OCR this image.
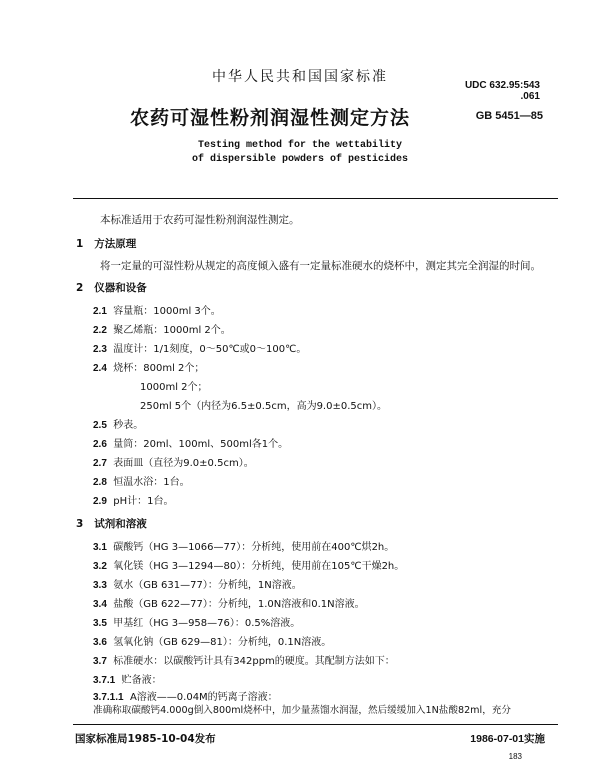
中华人民共和国国家标准
UDC 632.95:543
.061
农药可湿性粉剂润湿性测定方法	GB 5451—85
Testing method for the wettability
of dispersible powders of pesticides
本标准适用于农药可湿性粉剂润湿性测定。
1 方法原理
将一定量的可湿性粉从规定的高度倾入盛有一定量标准硬水的烧杯中，测定其完全润湿的时间。
2 仪器和设备
2.1 容量瓶：1000ml 3个。
2.2 聚乙烯瓶：1000ml 2个。
2.3 温度计：1/1刻度，0～50℃或0～100℃。
2.4 烧杯：800ml 2个；
1000ml 2个；
250ml 5个（内径为6.5±0.5cm，高为9.0±0.5cm）。
2.5 秒表。
2.6 量筒：20ml、100ml、500ml各1个。
2.7 表面皿（直径为9.0±0.5cm）。
2.8 恒温水浴：1台。
2.9 pH计：1台。
3 试剂和溶液
3.1 碳酸钙（HG 3—1066—77）：分析纯，使用前在400℃烘2h。
3.2 氧化镁（HG 3—1294—80）：分析纯，使用前在105℃干燥2h。
3.3 氨水（GB 631—77）：分析纯，1N溶液。
3.4 盐酸（GB 622—77）：分析纯，1.0N溶液和0.1N溶液。
3.5 甲基红（HG 3—958—76）：0.5%溶液。
3.6 氢氧化钠（GB 629—81）：分析纯，0.1N溶液。
3.7 标准硬水：以碳酸钙计具有342ppm的硬度。其配制方法如下：
3.7.1 贮备液：
3.7.1.1 A溶液——0.04M的钙离子溶液：
准确称取碳酸钙4.000g倒入800ml烧杯中，加少量蒸馏水润湿，然后缓缓加入1N盐酸82ml，充分
国家标准局1985-10-04发布	1986-07-01实施
183
